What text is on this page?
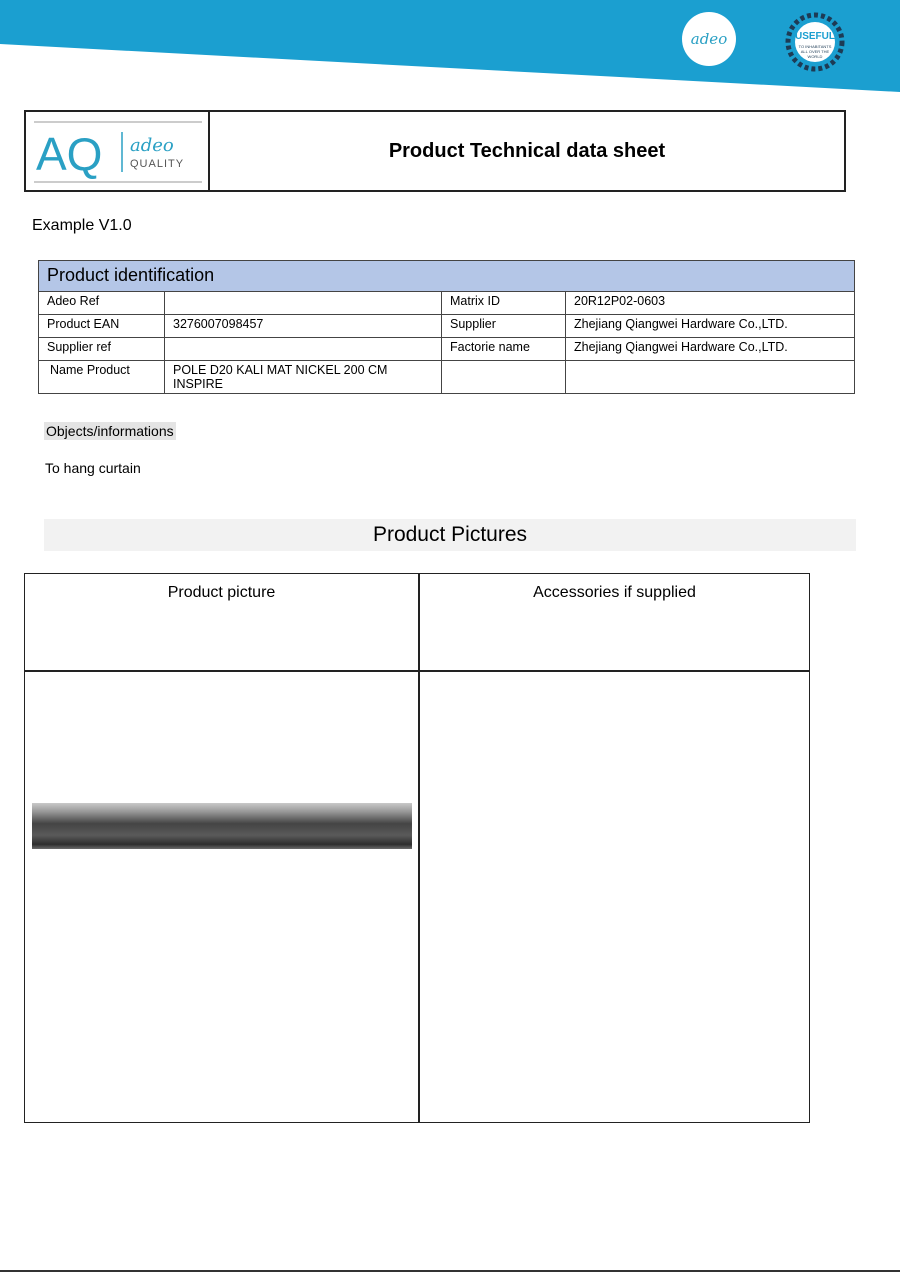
adeo	USEFUL
TO INHABITANTS
ALL OVER THE
WORLD
AQ adeo
QUALITY
Product Technical data sheet
Example V1.0
Product identification			
Adeo Ref		Matrix ID	20R12P02-0603
Product EAN	3276007098457	Supplier	Zhejiang Qiangwei Hardware Co.,LTD.
Supplier ref		Factorie name	Zhejiang Qiangwei Hardware Co.,LTD.
Name Product	POLE D20 KALI MAT NICKEL 200 CM INSPIRE		
Objects/informations
To hang curtain
Product Pictures
Product picture	Accessories if supplied
